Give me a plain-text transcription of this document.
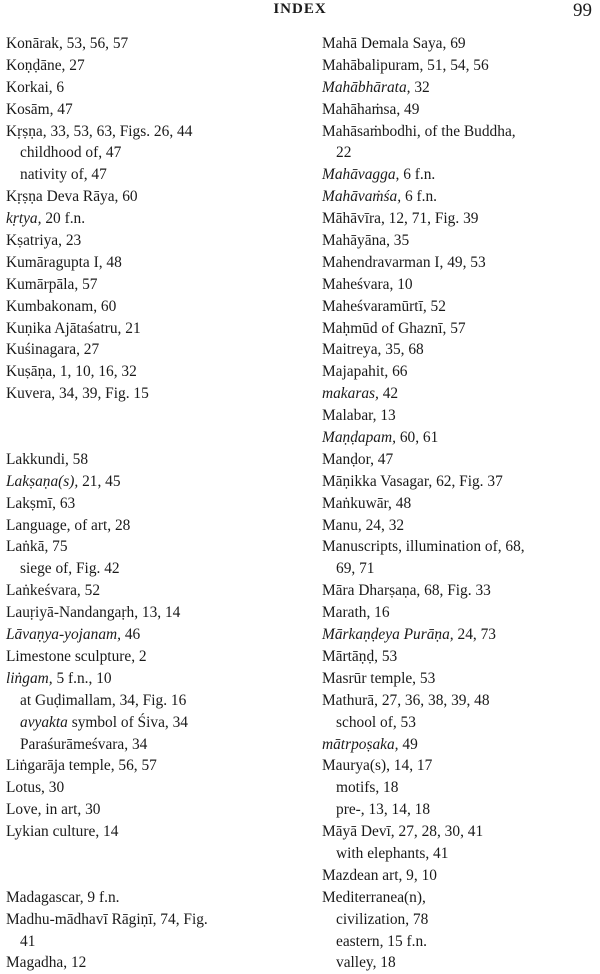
INDEX	99
Konārak, 53, 56, 57
Koṇḍāne, 27
Korkai, 6
Kosām, 47
Kṛṣṇa, 33, 53, 63, Figs. 26, 44
childhood of, 47
nativity of, 47
Kṛṣṇa Deva Rāya, 60
kṛtya, 20 f.n.
Kṣatriya, 23
Kumāragupta I, 48
Kumārpāla, 57
Kumbakonam, 60
Kuṇika Ajātaśatru, 21
Kuśinagara, 27
Kuṣāṇa, 1, 10, 16, 32
Kuvera, 34, 39, Fig. 15
Lakkundi, 58
Lakṣaṇa(s), 21, 45
Lakṣmī, 63
Language, of art, 28
Laṅkā, 75
siege of, Fig. 42
Laṅkeśvara, 52
Lauṛiyā-Nandangaṛh, 13, 14
Lāvaṇya-yojanam, 46
Limestone sculpture, 2
liṅgam, 5 f.n., 10
at Guḍimallam, 34, Fig. 16
avyakta symbol of Śiva, 34
Paraśurāmeśvara, 34
Liṅgarāja temple, 56, 57
Lotus, 30
Love, in art, 30
Lykian culture, 14
Madagascar, 9 f.n.
Madhu-mādhavī Rāgiṇī, 74, Fig.
41
Magadha, 12
Mahā Demala Saya, 69
Mahābalipuram, 51, 54, 56
Mahābhārata, 32
Mahāhaṁsa, 49
Mahāsaṁbodhi, of the Buddha,
22
Mahāvagga, 6 f.n.
Mahāvaṁśa, 6 f.n.
Māhāvīra, 12, 71, Fig. 39
Mahāyāna, 35
Mahendravarman I, 49, 53
Maheśvara, 10
Maheśvaramūrtī, 52
Maḥmūd of Ghaznī, 57
Maitreya, 35, 68
Majapahit, 66
makaras, 42
Malabar, 13
Maṇḍapam, 60, 61
Manḍor, 47
Māṇikka Vasagar, 62, Fig. 37
Maṅkuwār, 48
Manu, 24, 32
Manuscripts, illumination of, 68,
69, 71
Māra Dharṣaṇa, 68, Fig. 33
Marath, 16
Mārkaṇḍeya Purāṇa, 24, 73
Mārtāṇḍ, 53
Masrūr temple, 53
Mathurā, 27, 36, 38, 39, 48
school of, 53
mātrpoṣaka, 49
Maurya(s), 14, 17
motifs, 18
pre-, 13, 14, 18
Māyā Devī, 27, 28, 30, 41
with elephants, 41
Mazdean art, 9, 10
Mediterranea(n),
civilization, 78
eastern, 15 f.n.
valley, 18
